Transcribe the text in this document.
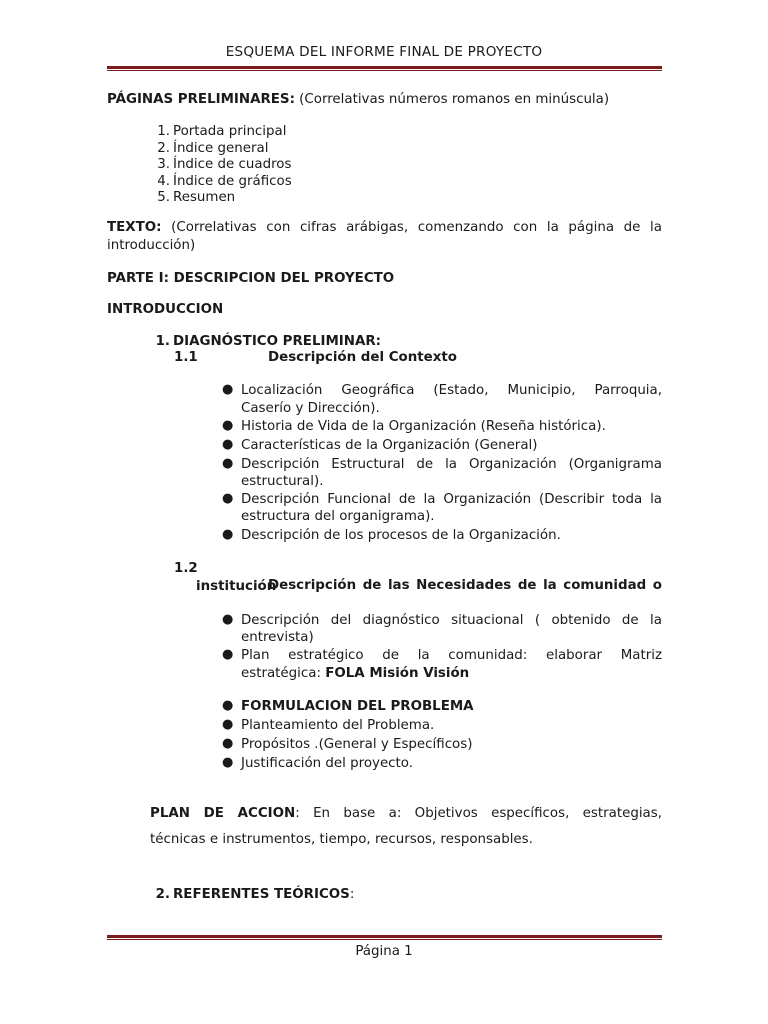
ESQUEMA DEL INFORME FINAL DE PROYECTO
PÁGINAS PRELIMINARES: (Correlativas números romanos en minúscula)
1. Portada principal
2. Índice general
3. Índice de cuadros
4. Índice de gráficos
5. Resumen
TEXTO: (Correlativas con cifras arábigas, comenzando con la página de la
introducción)
PARTE I: DESCRIPCION DEL PROYECTO
INTRODUCCION
1. DIAGNÓSTICO PRELIMINAR:
1.1	Descripción del Contexto
● Localización Geográfica (Estado, Municipio, Parroquia,
Caserío y Dirección).
● Historia de Vida de la Organización (Reseña histórica).
● Características de la Organización (General)
● Descripción Estructural de la Organización (Organigrama
estructural).
● Descripción Funcional de la Organización (Describir toda la
estructura del organigrama).
● Descripción de los procesos de la Organización.
1.2
Descripción de las Necesidades de la comunidad o
institución
● Descripción del diagnóstico situacional ( obtenido de la
entrevista)
● Plan estratégico de la comunidad: elaborar Matriz
estratégica: FOLA Misión Visión
● FORMULACION DEL PROBLEMA
● Planteamiento del Problema.
● Propósitos .(General y Específicos)
● Justificación del proyecto.
PLAN DE ACCION: En base a: Objetivos específicos, estrategias,
técnicas e instrumentos, tiempo, recursos, responsables.
2. REFERENTES TEÓRICOS:
Página 1
